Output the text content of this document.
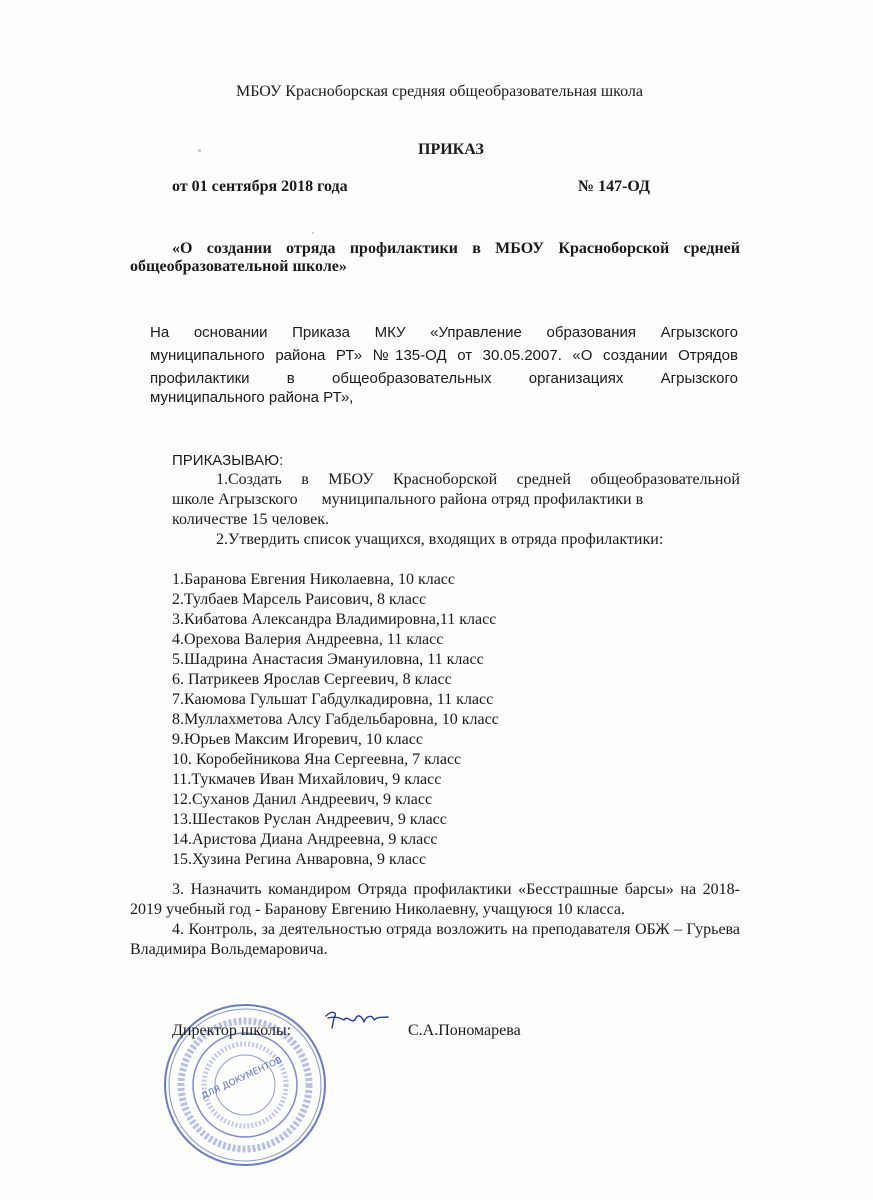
МБОУ Красноборская средняя общеобразовательная школа
ПРИКАЗ
от 01 сентября 2018 года	№ 147-ОД
«О создании отряда профилактики в МБОУ Красноборской средней
общеобразовательной школе»
На основании Приказа МКУ «Управление образования Агрызского
муниципального района РТ» №135-ОД от 30.05.2007. «О создании Отрядов
профилактики в общеобразовательных организациях Агрызского
муниципального района РТ»,
ПРИКАЗЫВАЮ:
1.Создать в МБОУ Красноборской средней общеобразовательной
школе Агрызского      муниципального района отряд профилактики в
количестве 15 человек.
2.Утвердить список учащихся, входящих в отряда профилактики:
1.Баранова Евгения Николаевна, 10 класс
2.Тулбаев Марсель Раисович, 8 класс
3.Кибатова Александра Владимировна,11 класс
4.Орехова Валерия Андреевна, 11 класс
5.Шадрина Анастасия Эмануиловна, 11 класс
6. Патрикеев Ярослав Сергеевич, 8 класс
7.Каюмова Гульшат Габдулкадировна, 11 класс
8.Муллахметова Алсу Габдельбаровна, 10 класс
9.Юрьев Максим Игоревич, 10 класс
10. Коробейникова Яна Сергеевна, 7 класс
11.Тукмачев Иван Михайлович, 9 класс
12.Суханов Данил Андреевич, 9 класс
13.Шестаков Руслан Андреевич, 9 класс
14.Аристова Диана Андреевна, 9 класс
15.Хузина Регина Анваровна, 9 класс
3. Назначить командиром Отряда профилактики «Бесстрашные барсы» на 2018-2019 учебный год - Баранову Евгению Николаевну, учащуюся 10 класса.
4. Контроль, за деятельностью отряда возложить на преподавателя ОБЖ – Гурьева Владимира Вольдемаровича.
ДЛЯ ДОКУМЕНТОВ
Директор школы:	С.А.Пономарева
